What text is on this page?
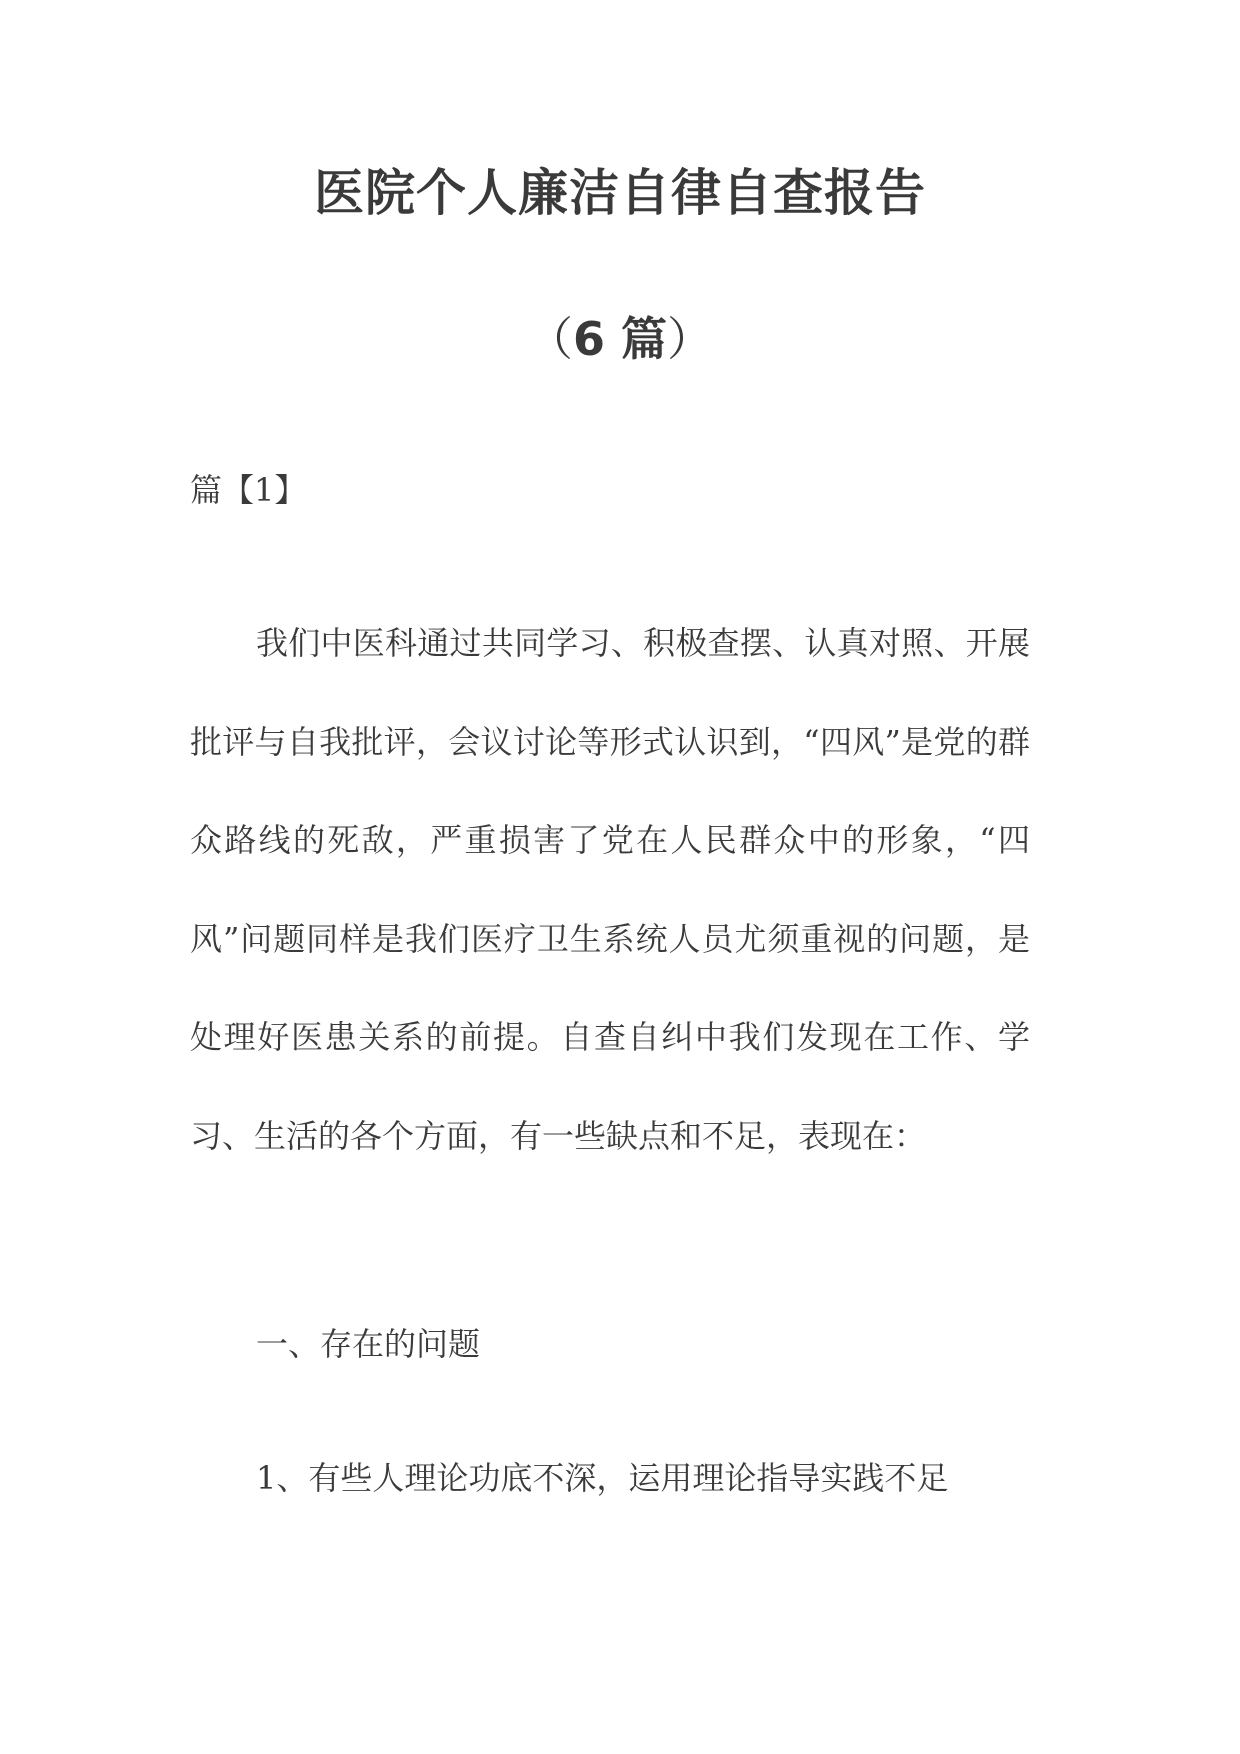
医院个人廉洁自律自查报告
（6 篇）
篇【1】

我们中医科通过共同学习、积极查摆、认真对照、开展批评与自我批评，会议讨论等形式认识到，“四风”是党的群众路线的死敌，严重损害了党在人民群众中的形象，“四风”问题同样是我们医疗卫生系统人员尤须重视的问题，是处理好医患关系的前提。自查自纠中我们发现在工作、学习、生活的各个方面，有一些缺点和不足，表现在：

一、存在的问题
1、有些人理论功底不深，运用理论指导实践不足
